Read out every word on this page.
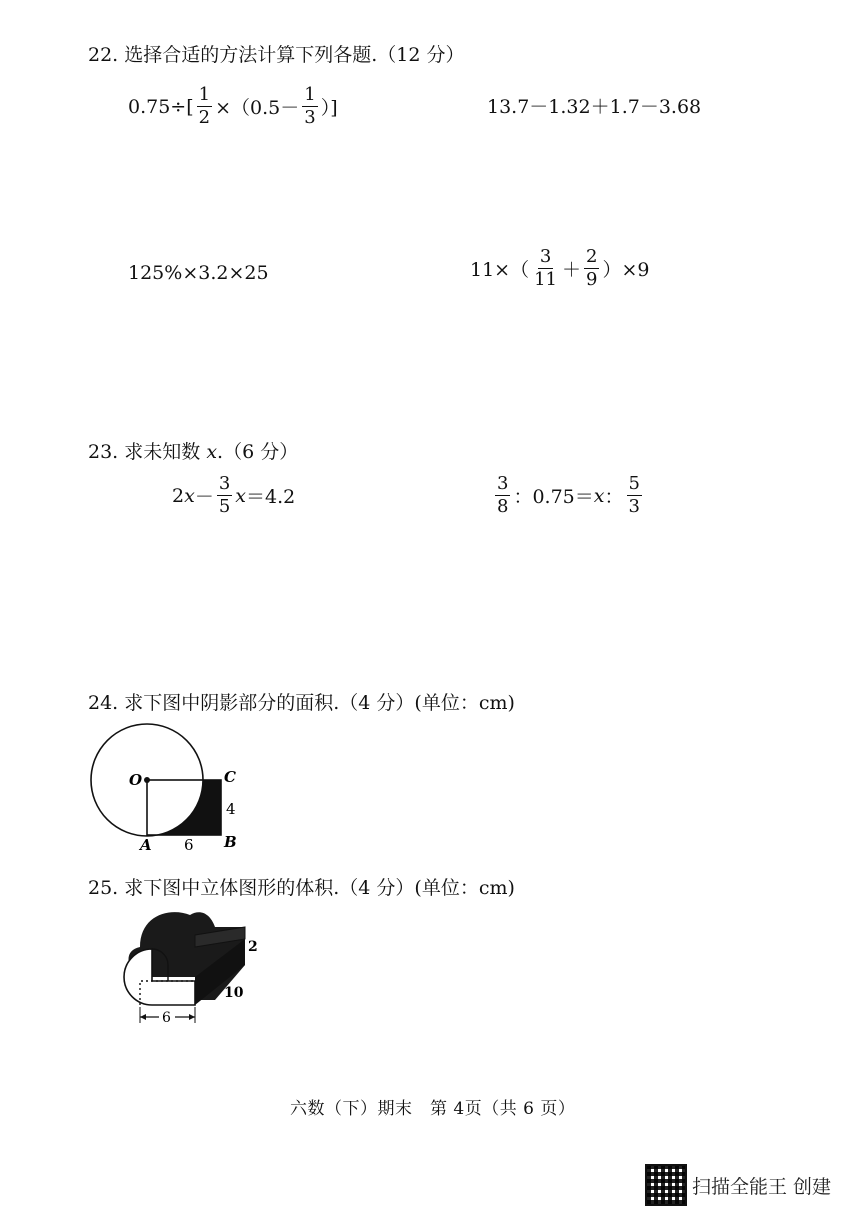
22. 选择合适的方法计算下列各题.（12 分）
$0.75\div[ \frac{1}{2} \times(0.5- \frac{1}{3}$ ）]	13.7－1.32＋1.7－3.68
125%×3.2×25	$11\times( \frac{3}{11} + \frac{2}{9} )\times 9$
23. 求未知数 x.（6 分）
2 $x - \frac{3}{5}$ x ＝4.2	$\frac{3}{8}$ ：0.75＝ x ： $\frac{5}{3}$
24. 求下图中阴影部分的面积.（4 分）(单位：cm)
O	C
B
A
4
6
25. 求下图中立体图形的体积.（4 分）(单位：cm)
6
2
10
六数（下）期末　第 4页（共 6 页）
扫描全能王 创建
